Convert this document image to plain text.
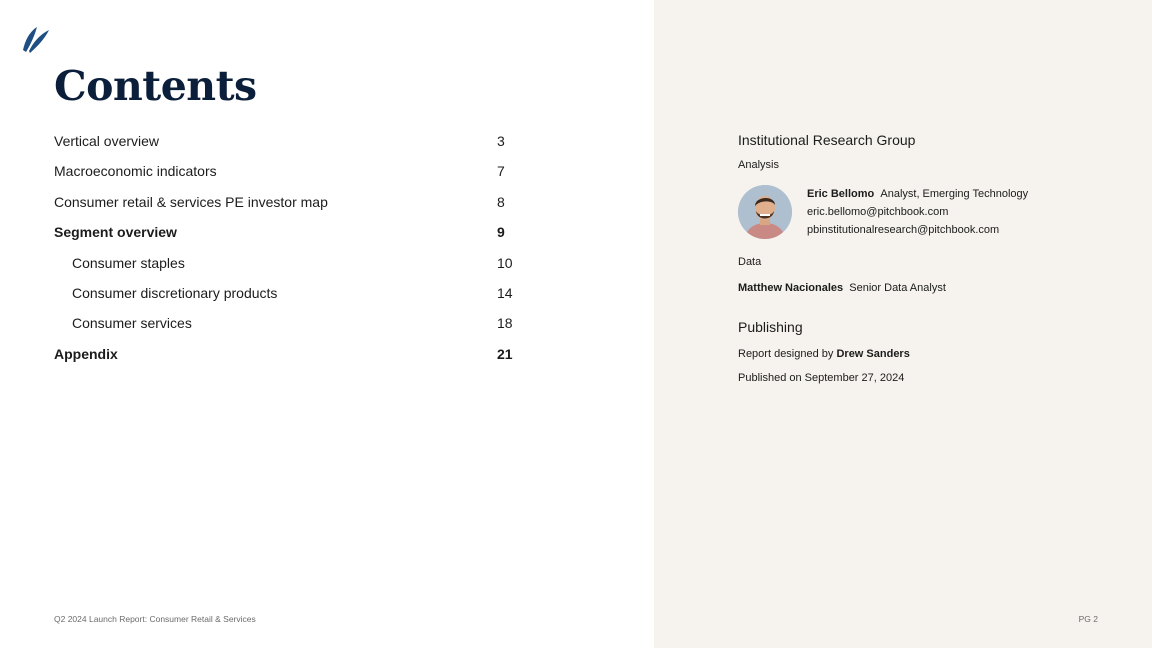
Contents
Vertical overview	3
Macroeconomic indicators	7
Consumer retail & services PE investor map	8
Segment overview	9
Consumer staples	10
Consumer discretionary products	14
Consumer services	18
Appendix	21
Q2 2024 Launch Report: Consumer Retail & Services	PG 2
Institutional Research Group
Analysis
Eric Bellomo Analyst, Emerging Technology
eric.bellomo@pitchbook.com
pbinstitutionalresearch@pitchbook.com
Data
Matthew Nacionales Senior Data Analyst
Publishing
Report designed by Drew Sanders
Published on September 27, 2024
